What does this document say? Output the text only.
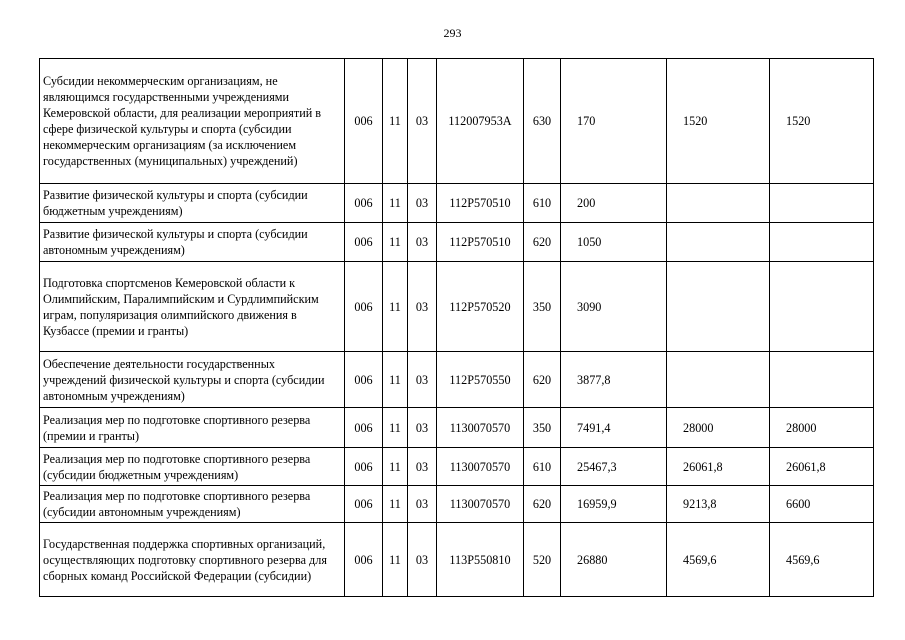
293
Субсидии некоммерческим организациям, не являющимся государственными учреждениями Кемеровской области, для реализации мероприятий в сфере физической культуры и спорта (субсидии некоммерческим организациям (за исключением государственных (муниципальных) учреждений)	006	11	03	112007953А	630	170	1520	1520
Развитие физической культуры и спорта (субсидии бюджетным учреждениям)	006	11	03	112P570510	610	200		
Развитие физической культуры и спорта (субсидии автономным учреждениям)	006	11	03	112P570510	620	1050		
Подготовка спортсменов Кемеровской области к Олимпийским, Паралимпийским и Сурдлимпийским играм, популяризация олимпийского движения в Кузбассе (премии и гранты)	006	11	03	112P570520	350	3090		
Обеспечение деятельности государственных учреждений физической культуры и спорта (субсидии автономным учреждениям)	006	11	03	112P570550	620	3877,8		
Реализация мер по подготовке спортивного резерва (премии и гранты)	006	11	03	1130070570	350	7491,4	28000	28000
Реализация мер по подготовке спортивного резерва (субсидии бюджетным учреждениям)	006	11	03	1130070570	610	25467,3	26061,8	26061,8
Реализация мер по подготовке спортивного резерва (субсидии автономным учреждениям)	006	11	03	1130070570	620	16959,9	9213,8	6600
Государственная поддержка спортивных организаций, осуществляющих подготовку спортивного резерва для сборных команд Российской Федерации (субсидии)	006	11	03	113P550810	520	26880	4569,6	4569,6
